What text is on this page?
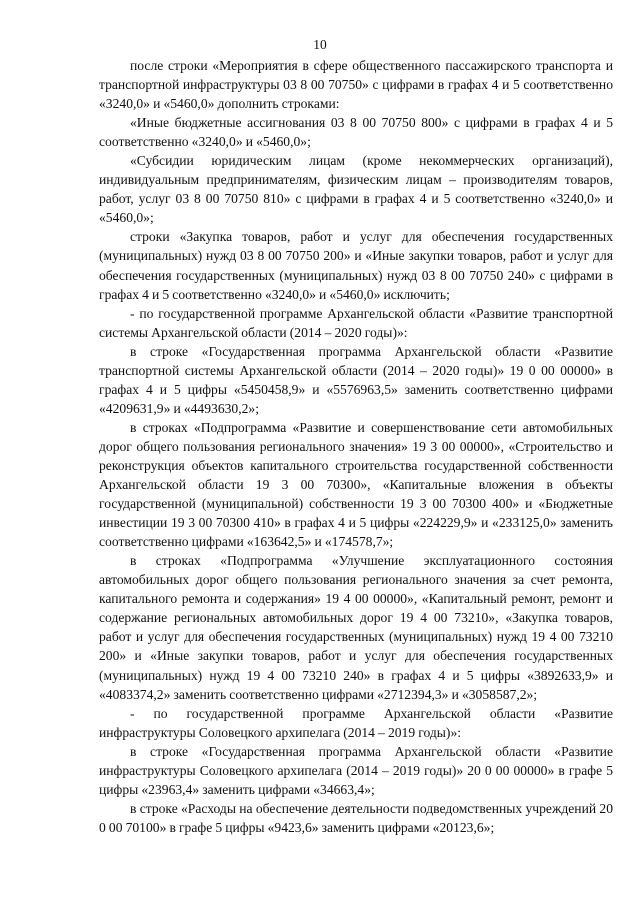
10

после строки «Мероприятия в сфере общественного пассажирского транспорта и транспортной инфраструктуры 03 8 00 70750» с цифрами в графах 4 и 5 соответственно «3240,0» и «5460,0» дополнить строками:

«Иные бюджетные ассигнования 03 8 00 70750 800» с цифрами в графах 4 и 5 соответственно «3240,0» и «5460,0»;

«Субсидии юридическим лицам (кроме некоммерческих организаций), индивидуальным предпринимателям, физическим лицам – производителям товаров, работ, услуг 03 8 00 70750 810» с цифрами в графах 4 и 5 соответственно «3240,0» и «5460,0»;

строки «Закупка товаров, работ и услуг для обеспечения государственных (муниципальных) нужд 03 8 00 70750 200» и «Иные закупки товаров, работ и услуг для обеспечения государственных (муниципальных) нужд 03 8 00 70750 240» с цифрами в графах 4 и 5 соответственно «3240,0» и «5460,0» исключить;

- по государственной программе Архангельской области «Развитие транспортной системы Архангельской области (2014 – 2020 годы)»:

в строке «Государственная программа Архангельской области «Развитие транспортной системы Архангельской области (2014 – 2020 годы)» 19 0 00 00000» в графах 4 и 5 цифры «5450458,9» и «5576963,5» заменить соответственно цифрами «4209631,9» и «4493630,2»;

в строках «Подпрограмма «Развитие и совершенствование сети автомобильных дорог общего пользования регионального значения» 19 3 00 00000», «Строительство и реконструкция объектов капитального строительства государственной собственности Архангельской области 19 3 00 70300», «Капитальные вложения в объекты государственной (муниципальной) собственности 19 3 00 70300 400» и «Бюджетные инвестиции 19 3 00 70300 410» в графах 4 и 5 цифры «224229,9» и «233125,0» заменить соответственно цифрами «163642,5» и «174578,7»;

в строках «Подпрограмма «Улучшение эксплуатационного состояния автомобильных дорог общего пользования регионального значения за счет ремонта, капитального ремонта и содержания» 19 4 00 00000», «Капитальный ремонт, ремонт и содержание региональных автомобильных дорог 19 4 00 73210», «Закупка товаров, работ и услуг для обеспечения государственных (муниципальных) нужд 19 4 00 73210 200» и «Иные закупки товаров, работ и услуг для обеспечения государственных (муниципальных) нужд 19 4 00 73210 240» в графах 4 и 5 цифры «3892633,9» и «4083374,2» заменить соответственно цифрами «2712394,3» и «3058587,2»;

- по государственной программе Архангельской области «Развитие инфраструктуры Соловецкого архипелага (2014 – 2019 годы)»:

в строке «Государственная программа Архангельской области «Развитие инфраструктуры Соловецкого архипелага (2014 – 2019 годы)» 20 0 00 00000» в графе 5 цифры «23963,4» заменить цифрами «34663,4»;

в строке «Расходы на обеспечение деятельности подведомственных учреждений 20 0 00 70100» в графе 5 цифры «9423,6» заменить цифрами «20123,6»;
